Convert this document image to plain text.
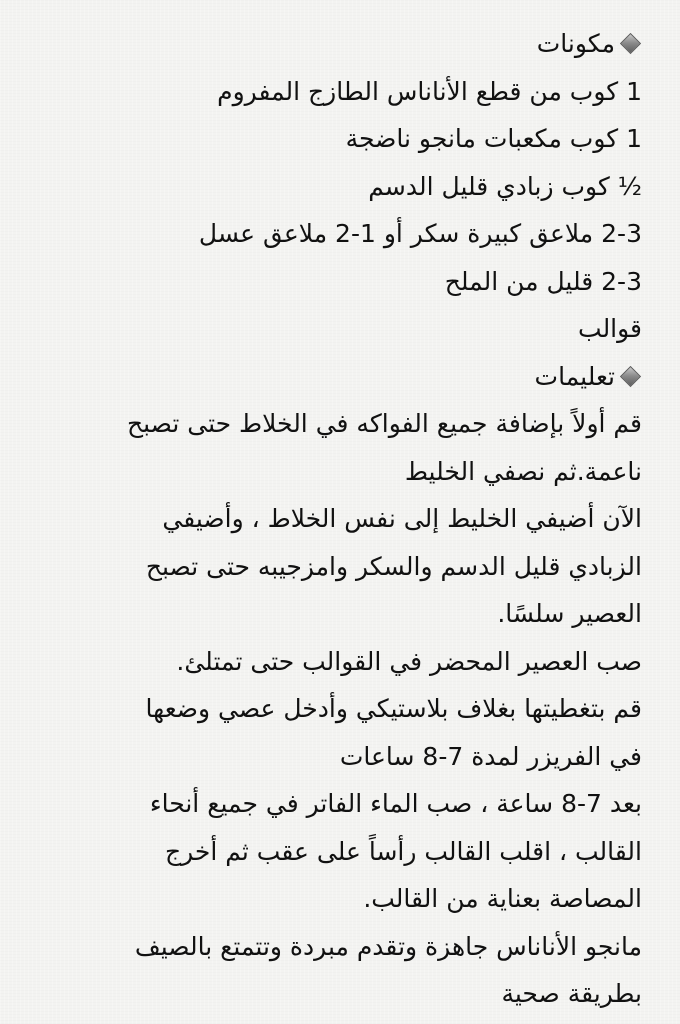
مكونات
1 كوب من قطع الأناناس الطازج المفروم
1 كوب مكعبات مانجو ناضجة
½ كوب زبادي قليل الدسم
2-3 ملاعق كبيرة سكر أو 1-2 ملاعق عسل
2-3 قليل من الملح
قوالب
تعليمات
قم أولاً بإضافة جميع الفواكه في الخلاط حتى تصبح
ناعمة.ثم نصفي الخليط
الآن أضيفي الخليط إلى نفس الخلاط ، وأضيفي
الزبادي قليل الدسم والسكر وامزجيبه حتى تصبح
العصير سلسًا.
صب العصير المحضر في القوالب حتى تمتلئ.
قم بتغطيتها بغلاف بلاستيكي وأدخل عصي وضعها
في الفريزر لمدة 7-8 ساعات
بعد 7-8 ساعة ، صب الماء الفاتر في جميع أنحاء
القالب ، اقلب القالب رأساً على عقب ثم أخرج
المصاصة بعناية من القالب.
مانجو الأناناس جاهزة وتقدم مبردة وتتمتع بالصيف
بطريقة صحية
